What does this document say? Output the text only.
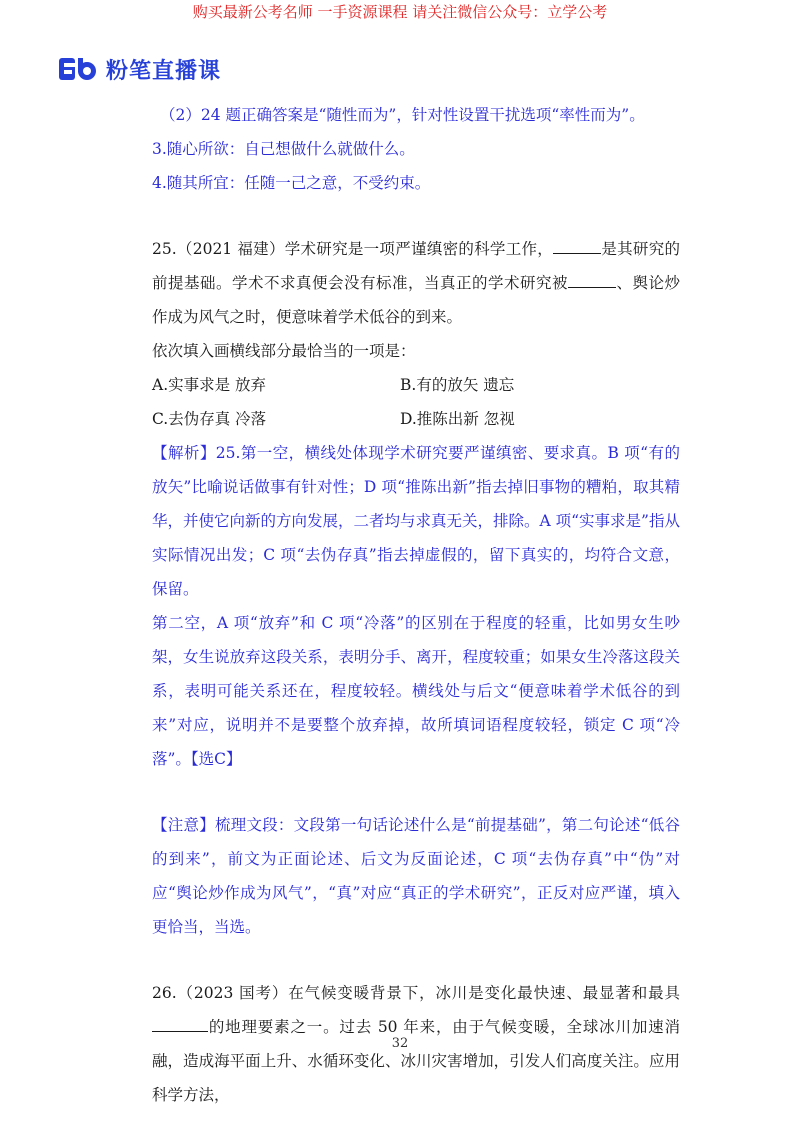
购买最新公考名师 一手资源课程 请关注微信公众号：立学公考
粉笔直播课
（2）24 题正确答案是“随性而为”，针对性设置干扰选项“率性而为”。
3.随心所欲：自己想做什么就做什么。
4.随其所宜：任随一己之意，不受约束。
25.（2021 福建）学术研究是一项严谨缜密的科学工作，	是其研究的前提基础。学术不求真便会没有标准，当真正的学术研究被	、舆论炒作成为风气之时，便意味着学术低谷的到来。
依次填入画横线部分最恰当的一项是：
A.实事求是 放弃	B.有的放矢 遗忘
C.去伪存真 冷落	D.推陈出新 忽视
【解析】25.第一空，横线处体现学术研究要严谨缜密、要求真。B 项“有的放矢”比喻说话做事有针对性；D 项“推陈出新”指去掉旧事物的糟粕，取其精华，并使它向新的方向发展，二者均与求真无关，排除。A 项“实事求是”指从实际情况出发；C 项“去伪存真”指去掉虚假的，留下真实的，均符合文意，保留。
第二空，A 项“放弃”和 C 项“冷落”的区别在于程度的轻重，比如男女生吵架，女生说放弃这段关系，表明分手、离开，程度较重；如果女生冷落这段关系，表明可能关系还在，程度较轻。横线处与后文“便意味着学术低谷的到来”对应，说明并不是要整个放弃掉，故所填词语程度较轻，锁定 C 项“冷落”。【选C】
【注意】梳理文段：文段第一句话论述什么是“前提基础”，第二句论述“低谷的到来”，前文为正面论述、后文为反面论述，C 项“去伪存真”中“伪”对应“舆论炒作成为风气”，“真”对应“真正的学术研究”，正反对应严谨，填入更恰当，当选。
26.（2023 国考）在气候变暖背景下，冰川是变化最快速、最显著和最具的地理要素之一。过去 50 年来，由于气候变暖，全球冰川加速消融，造成海平面上升、水循环变化、冰川灾害增加，引发人们高度关注。应用科学方法，
32
